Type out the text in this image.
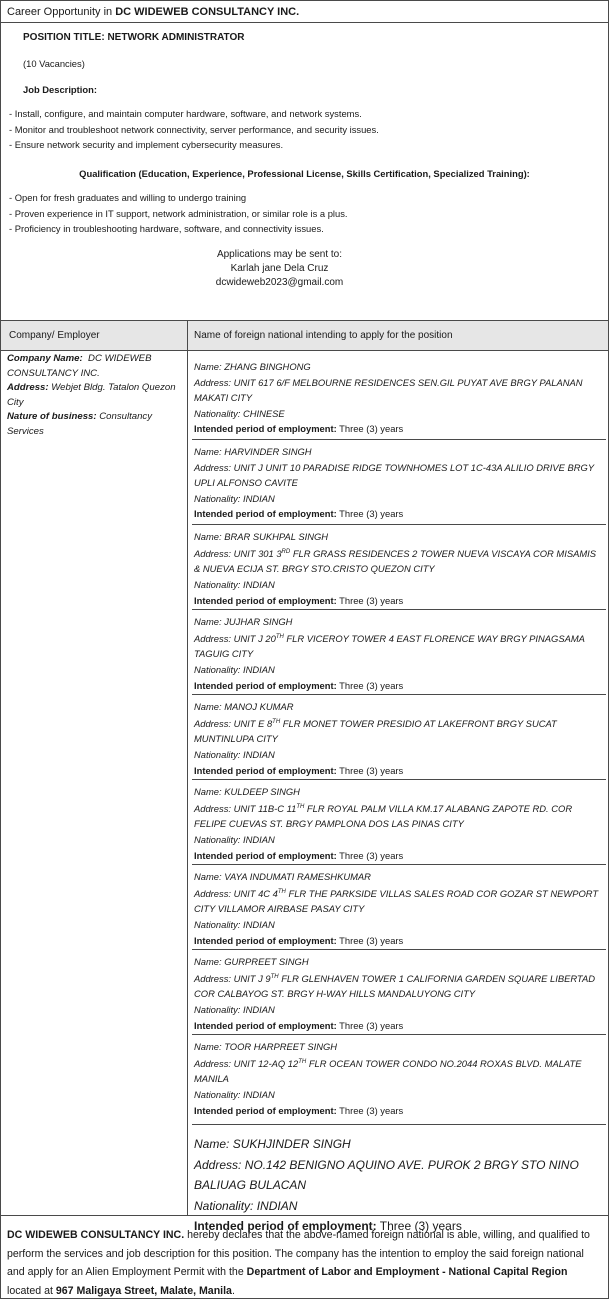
Career Opportunity in DC WIDEWEB CONSULTANCY INC.
POSITION TITLE: NETWORK ADMINISTRATOR
(10 Vacancies)
Job Description:
- Install, configure, and maintain computer hardware, software, and network systems.
- Monitor and troubleshoot network connectivity, server performance, and security issues.
- Ensure network security and implement cybersecurity measures.
Qualification (Education, Experience, Professional License, Skills Certification, Specialized Training):
- Open for fresh graduates and willing to undergo training
- Proven experience in IT support, network administration, or similar role is a plus.
- Proficiency in troubleshooting hardware, software, and connectivity issues.
Applications may be sent to:
Karlah jane Dela Cruz
dcwideweb2023@gmail.com
Company/ Employer	Name of foreign national intending to apply for the position
Company Name: DC WIDEWEB CONSULTANCY INC.
Address: Webjet Bldg. Tatalon Quezon City
Nature of business: Consultancy Services
Name: ZHANG BINGHONG
Address: UNIT 617 6/F MELBOURNE RESIDENCES SEN.GIL PUYAT AVE BRGY PALANAN MAKATI CITY
Nationality: CHINESE
Intended period of employment: Three (3) years
Name: HARVINDER SINGH
Address: UNIT J UNIT 10 PARADISE RIDGE TOWNHOMES LOT 1C-43A ALILIO DRIVE BRGY UPLI ALFONSO CAVITE
Nationality: INDIAN
Intended period of employment: Three (3) years
Name: BRAR SUKHPAL SINGH
Address: UNIT 301 3RD FLR GRASS RESIDENCES 2 TOWER NUEVA VISCAYA COR MISAMIS & NUEVA ECIJA ST. BRGY STO.CRISTO QUEZON CITY
Nationality: INDIAN
Intended period of employment: Three (3) years
Name: JUJHAR SINGH
Address: UNIT J 20TH FLR VICEROY TOWER 4 EAST FLORENCE WAY BRGY PINAGSAMA TAGUIG CITY
Nationality: INDIAN
Intended period of employment: Three (3) years
Name: MANOJ KUMAR
Address: UNIT E 8TH FLR MONET TOWER PRESIDIO AT LAKEFRONT BRGY SUCAT MUNTINLUPA CITY
Nationality: INDIAN
Intended period of employment: Three (3) years
Name: KULDEEP SINGH
Address: UNIT 11B-C 11TH FLR ROYAL PALM VILLA KM.17 ALABANG ZAPOTE RD. COR FELIPE CUEVAS ST. BRGY PAMPLONA DOS LAS PINAS CITY
Nationality: INDIAN
Intended period of employment: Three (3) years
Name: VAYA INDUMATI RAMESHKUMAR
Address: UNIT 4C 4TH FLR THE PARKSIDE VILLAS SALES ROAD COR GOZAR ST NEWPORT CITY VILLAMOR AIRBASE PASAY CITY
Nationality: INDIAN
Intended period of employment: Three (3) years
Name: GURPREET SINGH
Address: UNIT J 9TH FLR GLENHAVEN TOWER 1 CALIFORNIA GARDEN SQUARE LIBERTAD COR CALBAYOG ST. BRGY H-WAY HILLS MANDALUYONG CITY
Nationality: INDIAN
Intended period of employment: Three (3) years
Name: TOOR HARPREET SINGH
Address: UNIT 12-AQ 12TH FLR OCEAN TOWER CONDO NO.2044 ROXAS BLVD. MALATE MANILA
Nationality: INDIAN
Intended period of employment: Three (3) years
Name: SUKHJINDER SINGH
Address: NO.142 BENIGNO AQUINO AVE. PUROK 2 BRGY STO NINO BALIUAG BULACAN
Nationality: INDIAN
Intended period of employment: Three (3) years
DC WIDEWEB CONSULTANCY INC. hereby declares that the above-named foreign national is able, willing, and qualified to perform the services and job description for this position. The company has the intention to employ the said foreign national and apply for an Alien Employment Permit with the Department of Labor and Employment - National Capital Region located at 967 Maligaya Street, Malate, Manila.
